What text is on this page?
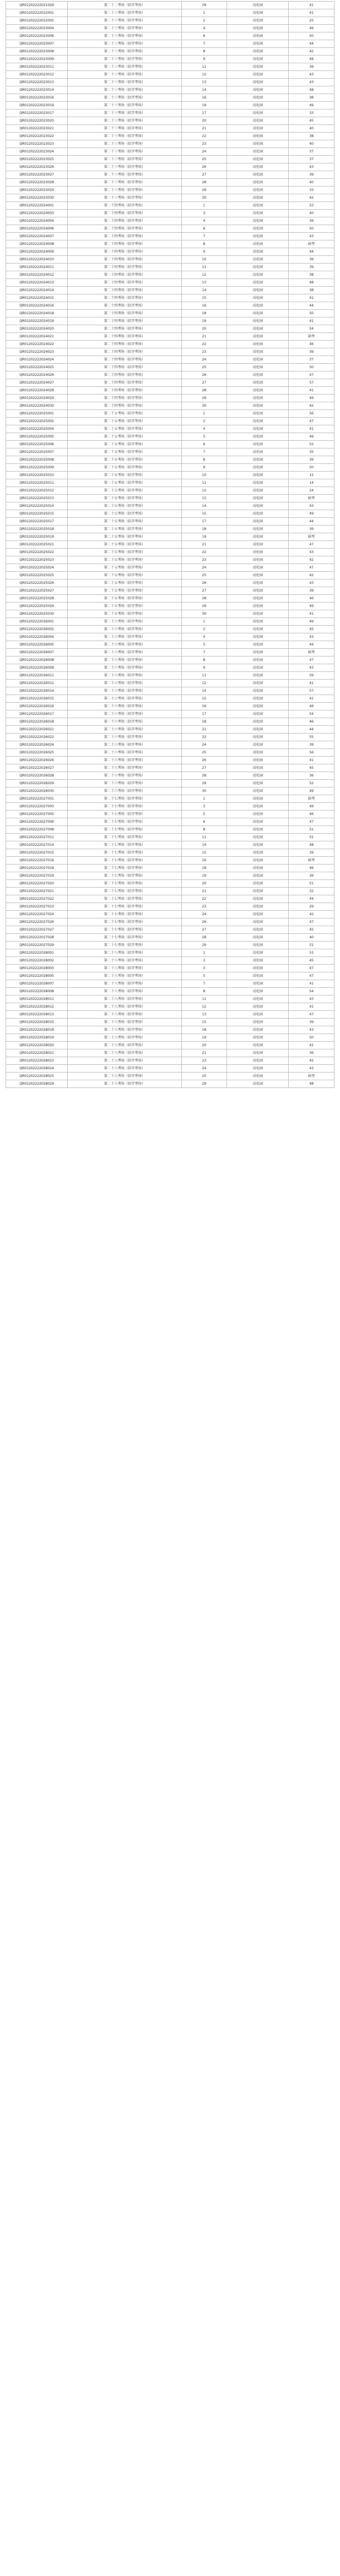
QR01202222021029	第二十二考场（招字考场）	29	动化园	41
QR01202222022001	第二十三考场（招字考场）	1	动化园	41
QR01202222022002	第二十三考场（招字考场）	2	动化园	25
QR01202222023004	第二十三考场（招字考场）	4	动化园	46
QR01202222023006	第二十三考场（招字考场）	6	动化园	50
QR01202222023007	第二十三考场（招字考场）	7	动化园	44
QR01202222023008	第二十三考场（招字考场）	8	动化园	42
QR01202222023009	第二十三考场（招字考场）	9	动化园	48
QR01202222023011	第二十三考场（招字考场）	11	动化园	39
QR01202222023012	第二十三考场（招字考场）	12	动化园	43
QR01202222023013	第二十三考场（招字考场）	13	动化园	43
QR01202222023014	第二十三考场（招字考场）	14	动化园	48
QR01202222023016	第二十三考场（招字考场）	16	动化园	38
QR01202222023019	第二十三考场（招字考场）	19	动化园	49
QR01202222023017	第二十三考场（招字考场）	17	动化园	33
QR01202222023020	第二十三考场（招字考场）	20	动化园	45
QR01202222023021	第二十三考场（招字考场）	21	动化园	40
QR01202222023022	第二十三考场（招字考场）	22	动化园	38
QR01202222023023	第二十三考场（招字考场）	23	动化园	40
QR01202222023024	第二十三考场（招字考场）	24	动化园	37
QR01202222023025	第二十三考场（招字考场）	25	动化园	37
QR01202222023026	第二十三考场（招字考场）	26	动化园	43
QR01202222023027	第二十三考场（招字考场）	27	动化园	39
QR01202222023028	第二十三考场（招字考场）	28	动化园	40
QR01202222023029	第二十三考场（招字考场）	29	动化园	33
QR01202222023030	第二十三考场（招字考场）	30	动化园	42
QR01202222024001	第二十四考场（招字考场）	1	动化园	53
QR01202222024003	第二十四考场（招字考场）	3	动化园	40
QR01202222024004	第二十四考场（招字考场）	4	动化园	39
QR01202222024006	第二十四考场（招字考场）	6	动化园	50
QR01202222024007	第二十四考场（招字考场）	7	动化园	43
QR01202222024008	第二十四考场（招字考场）	8	动化园	缺考
QR01202222024009	第二十四考场（招字考场）	9	动化园	44
QR01202222024010	第二十四考场（招字考场）	10	动化园	39
QR01202222024011	第二十四考场（招字考场）	11	动化园	39
QR01202222024012	第二十四考场（招字考场）	12	动化园	38
QR01202222024013	第二十四考场（招字考场）	13	动化园	48
QR01202222024014	第二十四考场（招字考场）	14	动化园	38
QR01202222024015	第二十四考场（招字考场）	15	动化园	41
QR01202222024016	第二十四考场（招字考场）	16	动化园	44
QR01202222024018	第二十四考场（招字考场）	18	动化园	50
QR01202222024019	第二十四考场（招字考场）	19	动化园	41
QR01202222024020	第二十四考场（招字考场）	20	动化园	54
QR01202222024021	第二十四考场（招字考场）	21	动化园	缺考
QR01202222024022	第二十四考场（招字考场）	22	动化园	46
QR01202222024023	第二十四考场（招字考场）	23	动化园	39
QR01202222024024	第二十四考场（招字考场）	24	动化园	37
QR01202222024025	第二十四考场（招字考场）	25	动化园	50
QR01202222024026	第二十四考场（招字考场）	26	动化园	47
QR01202222024027	第二十四考场（招字考场）	27	动化园	57
QR01202222024028	第二十四考场（招字考场）	28	动化园	41
QR01202222024029	第二十四考场（招字考场）	29	动化园	49
QR01202222024030	第二十四考场（招字考场）	30	动化园	42
QR01202222025001	第二十五考场（招字考场）	1	动化园	56
QR01202222025002	第二十五考场（招字考场）	2	动化园	47
QR01202222025004	第二十五考场（招字考场）	4	动化园	41
QR01202222025005	第二十五考场（招字考场）	5	动化园	49
QR01202222025006	第二十五考场（招字考场）	6	动化园	52
QR01202222025007	第二十五考场（招字考场）	7	动化园	35
QR01202222025008	第二十五考场（招字考场）	8	动化园	39
QR01202222025009	第二十五考场（招字考场）	9	动化园	50
QR01202222025010	第二十五考场（招字考场）	10	动化园	12
QR01202222025011	第二十五考场（招字考场）	11	动化园	14
QR01202222025012	第二十五考场（招字考场）	12	动化园	24
QR01202222025013	第二十五考场（招字考场）	13	动化园	缺考
QR01202222025014	第二十五考场（招字考场）	14	动化园	43
QR01202222025015	第二十五考场（招字考场）	15	动化园	49
QR01202222025017	第二十五考场（招字考场）	17	动化园	44
QR01202222025018	第二十五考场（招字考场）	18	动化园	39
QR01202222025019	第二十五考场（招字考场）	19	动化园	缺考
QR01202222025021	第二十五考场（招字考场）	21	动化园	47
QR01202222025022	第二十五考场（招字考场）	22	动化园	43
QR01202222025023	第二十五考场（招字考场）	23	动化园	42
QR01202222025024	第二十五考场（招字考场）	24	动化园	47
QR01202222025025	第二十五考场（招字考场）	25	动化园	42
QR01202222025026	第二十五考场（招字考场）	26	动化园	43
QR01202222025027	第二十五考场（招字考场）	27	动化园	39
QR01202222025028	第二十五考场（招字考场）	28	动化园	46
QR01202222025029	第二十五考场（招字考场）	29	动化园	49
QR01202222025030	第二十五考场（招字考场）	30	动化园	41
QR01202222026001	第二十六考场（招字考场）	1	动化园	49
QR01202222026002	第二十六考场（招字考场）	2	动化园	45
QR01202222026004	第二十六考场（招字考场）	4	动化园	43
QR01202222026005	第二十六考场（招字考场）	5	动化园	44
QR01202222026007	第二十六考场（招字考场）	7	动化园	缺考
QR01202222026008	第二十六考场（招字考场）	8	动化园	47
QR01202222026009	第二十六考场（招字考场）	9	动化园	43
QR01202222026011	第二十六考场（招字考场）	11	动化园	59
QR01202222026012	第二十六考场（招字考场）	12	动化园	41
QR01202222026014	第二十六考场（招字考场）	14	动化园	57
QR01202222026015	第二十六考场（招字考场）	15	动化园	41
QR01202222026016	第二十六考场（招字考场）	16	动化园	46
QR01202222026017	第二十六考场（招字考场）	17	动化园	54
QR01202222026018	第二十六考场（招字考场）	18	动化园	46
QR01202222026021	第二十六考场（招字考场）	21	动化园	44
QR01202222026022	第二十六考场（招字考场）	22	动化园	55
QR01202222026024	第二十六考场（招字考场）	24	动化园	39
QR01202222026025	第二十六考场（招字考场）	25	动化园	56
QR01202222026026	第二十六考场（招字考场）	26	动化园	41
QR01202222026027	第二十六考场（招字考场）	27	动化园	45
QR01202222026028	第二十六考场（招字考场）	28	动化园	36
QR01202222026029	第二十六考场（招字考场）	29	动化园	52
QR01202222026030	第二十六考场（招字考场）	30	动化园	49
QR01202222027001	第二十七考场（招字考场）	1	动化园	缺考
QR01202222027003	第二十七考场（招字考场）	3	动化园	49
QR01202222027005	第二十七考场（招字考场）	5	动化园	46
QR01202222027006	第二十七考场（招字考场）	6	动化园	47
QR01202222027008	第二十七考场（招字考场）	8	动化园	51
QR01202222027011	第二十七考场（招字考场）	11	动化园	51
QR01202222027014	第二十七考场（招字考场）	14	动化园	48
QR01202222027015	第二十七考场（招字考场）	15	动化园	39
QR01202222027016	第二十七考场（招字考场）	16	动化园	缺考
QR01202222027018	第二十七考场（招字考场）	18	动化园	46
QR01202222027019	第二十七考场（招字考场）	19	动化园	39
QR01202222027020	第二十七考场（招字考场）	20	动化园	51
QR01202222027021	第二十七考场（招字考场）	21	动化园	32
QR01202222027022	第二十七考场（招字考场）	22	动化园	44
QR01202222027023	第二十七考场（招字考场）	23	动化园	29
QR01202222027024	第二十七考场（招字考场）	24	动化园	42
QR01202222027026	第二十七考场（招字考场）	26	动化园	47
QR01202222027027	第二十七考场（招字考场）	27	动化园	45
QR01202222027028	第二十七考场（招字考场）	28	动化园	40
QR01202222027029	第二十七考场（招字考场）	29	动化园	51
QR01202222028001	第二十八考场（招字考场）	1	动化园	53
QR01202222028002	第二十八考场（招字考场）	2	动化园	45
QR01202222028003	第二十八考场（招字考场）	3	动化园	47
QR01202222028005	第二十八考场（招字考场）	5	动化园	47
QR01202222028007	第二十八考场（招字考场）	7	动化园	41
QR01202222028008	第二十八考场（招字考场）	8	动化园	54
QR01202222028011	第二十八考场（招字考场）	11	动化园	43
QR01202222028012	第二十八考场（招字考场）	12	动化园	41
QR01202222028013	第二十八考场（招字考场）	13	动化园	47
QR01202222028015	第二十八考场（招字考场）	15	动化园	39
QR01202222028018	第二十八考场（招字考场）	18	动化园	43
QR01202222028019	第二十八考场（招字考场）	19	动化园	50
QR01202222028020	第二十八考场（招字考场）	20	动化园	41
QR01202222028021	第二十八考场（招字考场）	21	动化园	36
QR01202222028023	第二十八考场（招字考场）	23	动化园	42
QR01202222028024	第二十八考场（招字考场）	24	动化园	43
QR01202222028025	第二十八考场（招字考场）	25	动化园	缺考
QR01202222028029	第二十八考场（招字考场）	29	动化园	48
